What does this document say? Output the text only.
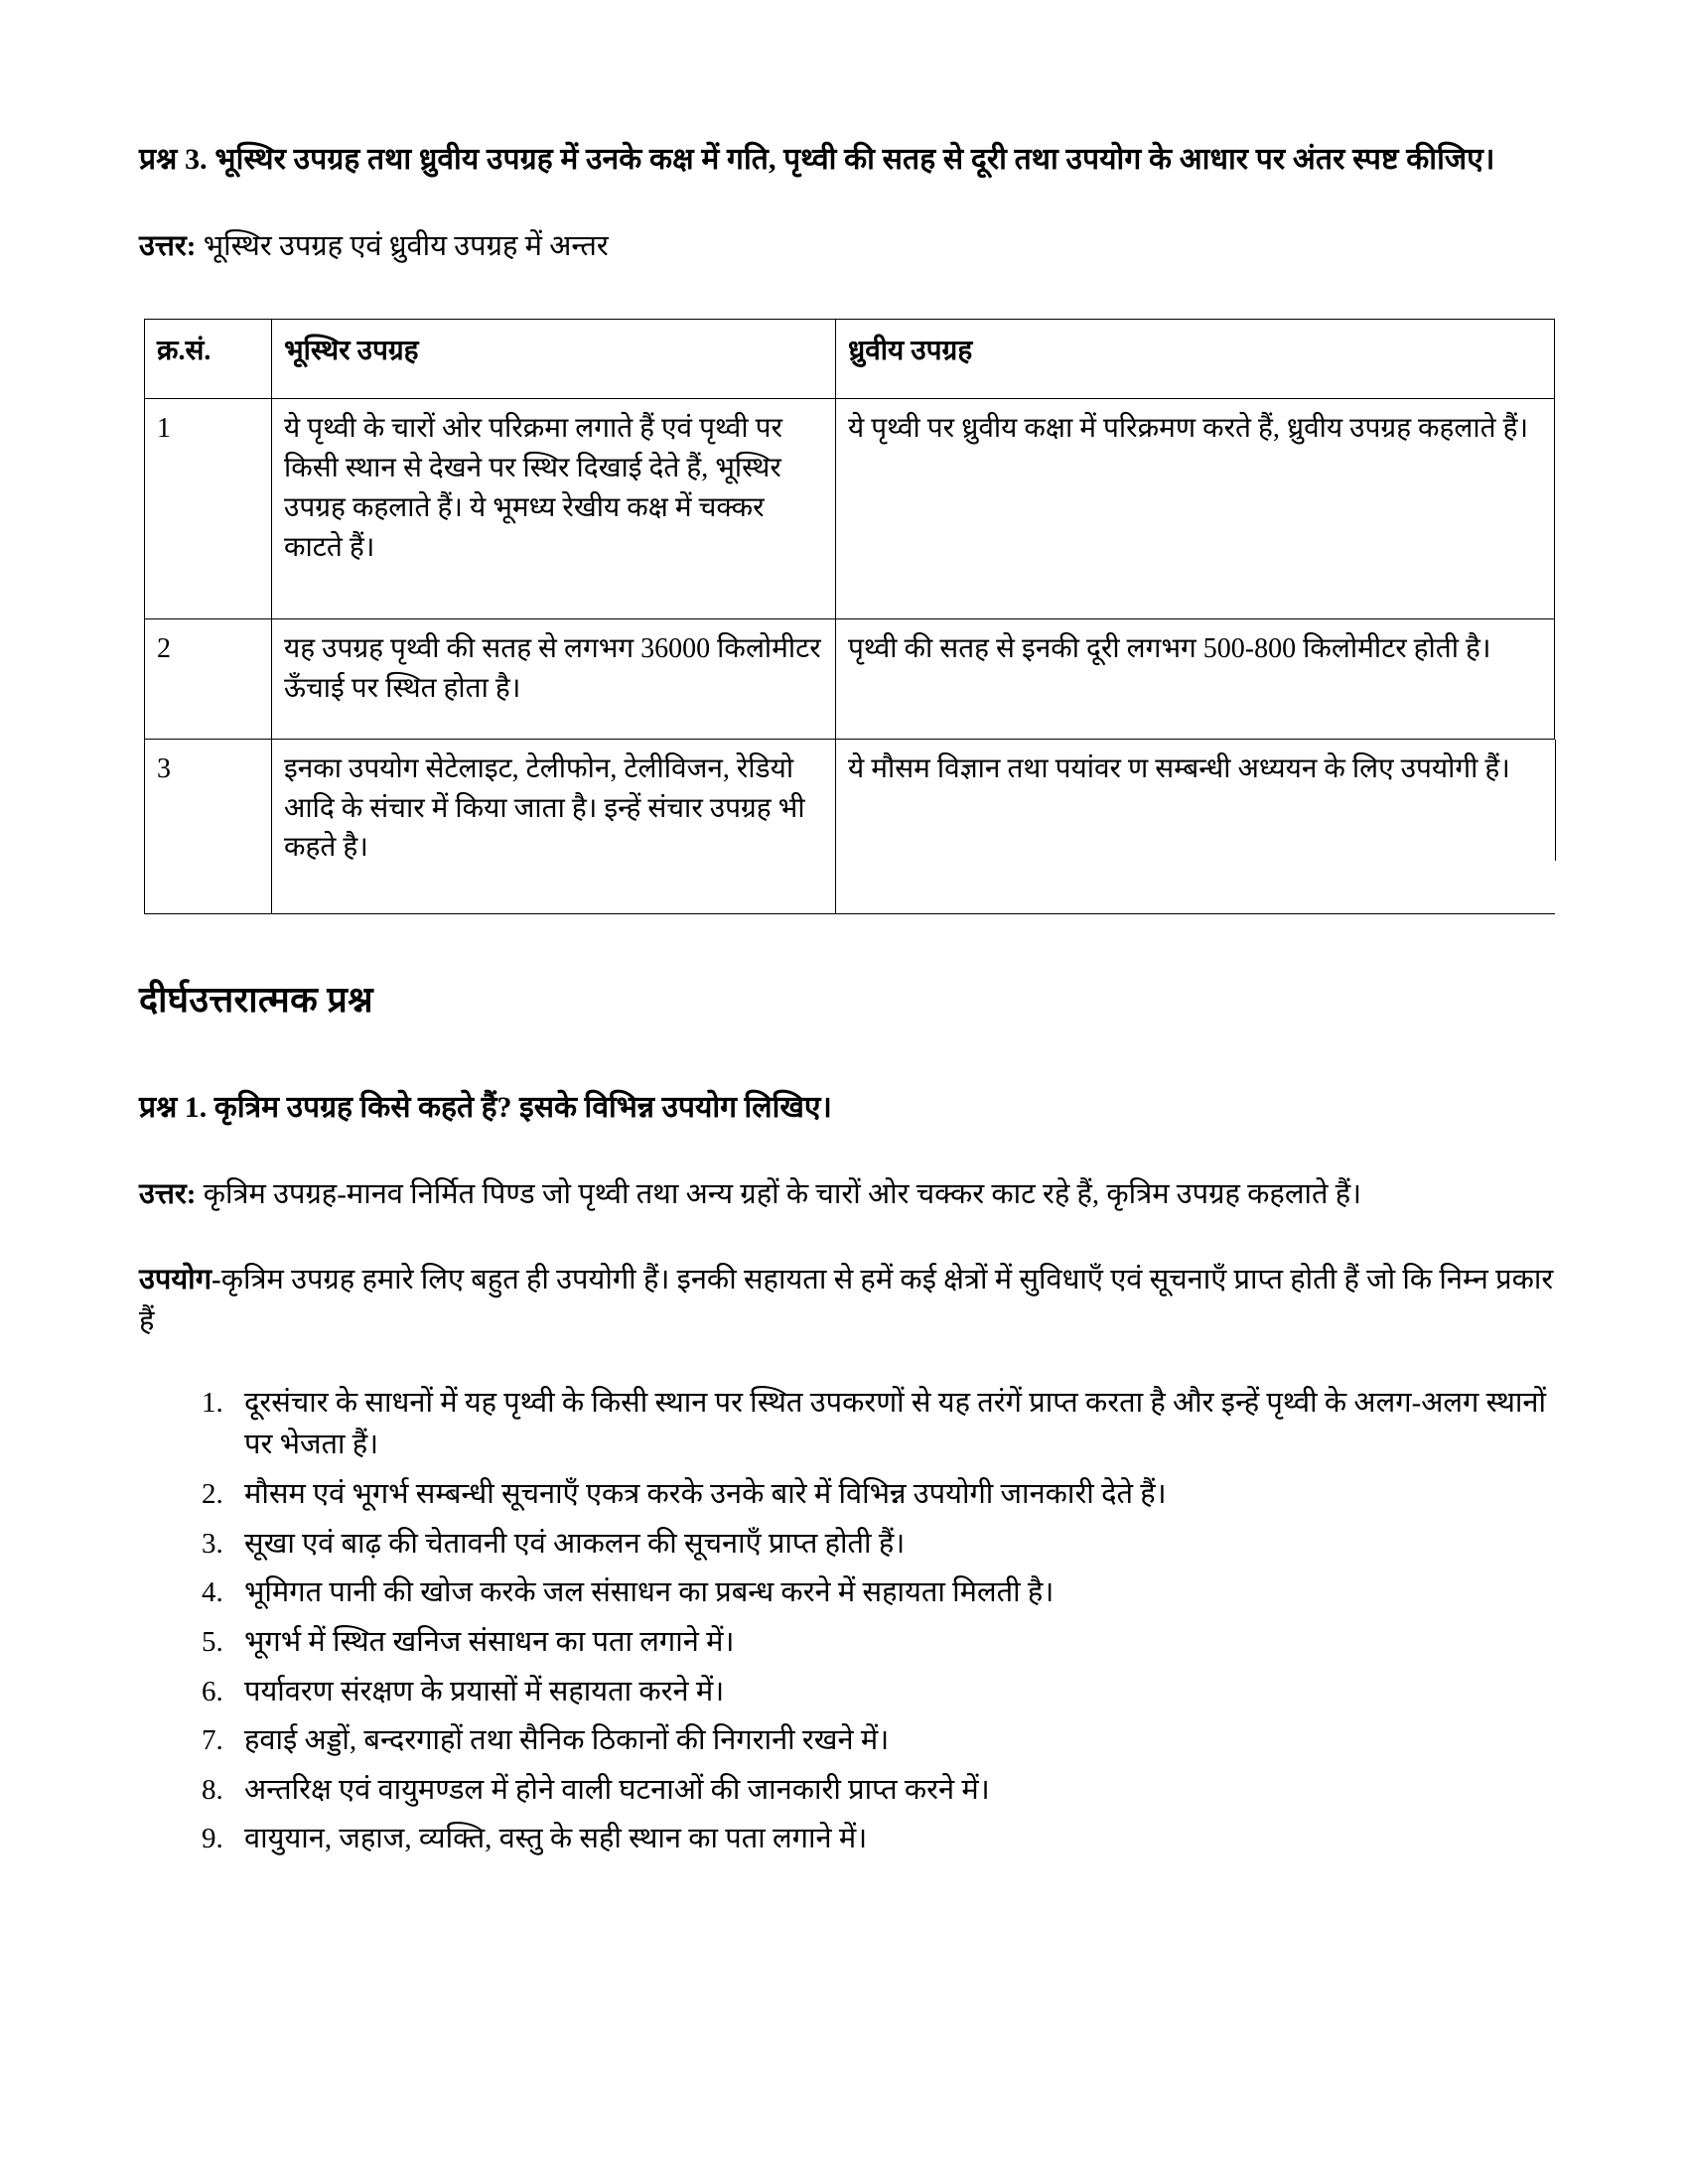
प्रश्न 3. भूस्थिर उपग्रह तथा ध्रुवीय उपग्रह में उनके कक्ष में गति, पृथ्वी की सतह से दूरी तथा उपयोग के आधार पर अंतर स्पष्ट कीजिए।

उत्तर: भूस्थिर उपग्रह एवं ध्रुवीय उपग्रह में अन्तर

क्र.सं.	भूस्थिर उपग्रह	ध्रुवीय उपग्रह
1	ये पृथ्वी के चारों ओर परिक्रमा लगाते हैं एवं पृथ्वी पर किसी स्थान से देखने पर स्थिर दिखाई देते हैं, भूस्थिर उपग्रह कहलाते हैं। ये भूमध्य रेखीय कक्ष में चक्कर काटते हैं।	ये पृथ्वी पर ध्रुवीय कक्षा में परिक्रमण करते हैं, ध्रुवीय उपग्रह कहलाते हैं।
2	यह उपग्रह पृथ्वी की सतह से लगभग 36000 किलोमीटर ऊँचाई पर स्थित होता है।	पृथ्वी की सतह से इनकी दूरी लगभग 500-800 किलोमीटर होती है।
3	इनका उपयोग सेटेलाइट, टेलीफोन, टेलीविजन, रेडियो आदि के संचार में किया जाता है। इन्हें संचार उपग्रह भी कहते है।	ये मौसम विज्ञान तथा पयांवर ण सम्बन्धी अध्ययन के लिए उपयोगी हैं।
दीर्घउत्तरात्मक प्रश्न
प्रश्न 1. कृत्रिम उपग्रह किसे कहते हैं? इसके विभिन्न उपयोग लिखिए।

उत्तर: कृत्रिम उपग्रह-मानव निर्मित पिण्ड जो पृथ्वी तथा अन्य ग्रहों के चारों ओर चक्कर काट रहे हैं, कृत्रिम उपग्रह कहलाते हैं।

उपयोग-कृत्रिम उपग्रह हमारे लिए बहुत ही उपयोगी हैं। इनकी सहायता से हमें कई क्षेत्रों में सुविधाएँ एवं सूचनाएँ प्राप्त होती हैं जो कि निम्न प्रकार हैं

1. दूरसंचार के साधनों में यह पृथ्वी के किसी स्थान पर स्थित उपकरणों से यह तरंगें प्राप्त करता है और इन्हें पृथ्वी के अलग-अलग स्थानों पर भेजता हैं।
2. मौसम एवं भूगर्भ सम्बन्धी सूचनाएँ एकत्र करके उनके बारे में विभिन्न उपयोगी जानकारी देते हैं।
3. सूखा एवं बाढ़ की चेतावनी एवं आकलन की सूचनाएँ प्राप्त होती हैं।
4. भूमिगत पानी की खोज करके जल संसाधन का प्रबन्ध करने में सहायता मिलती है।
5. भूगर्भ में स्थित खनिज संसाधन का पता लगाने में।
6. पर्यावरण संरक्षण के प्रयासों में सहायता करने में।
7. हवाई अड्डों, बन्दरगाहों तथा सैनिक ठिकानों की निगरानी रखने में।
8. अन्तरिक्ष एवं वायुमण्डल में होने वाली घटनाओं की जानकारी प्राप्त करने में।
9. वायुयान, जहाज, व्यक्ति, वस्तु के सही स्थान का पता लगाने में।
